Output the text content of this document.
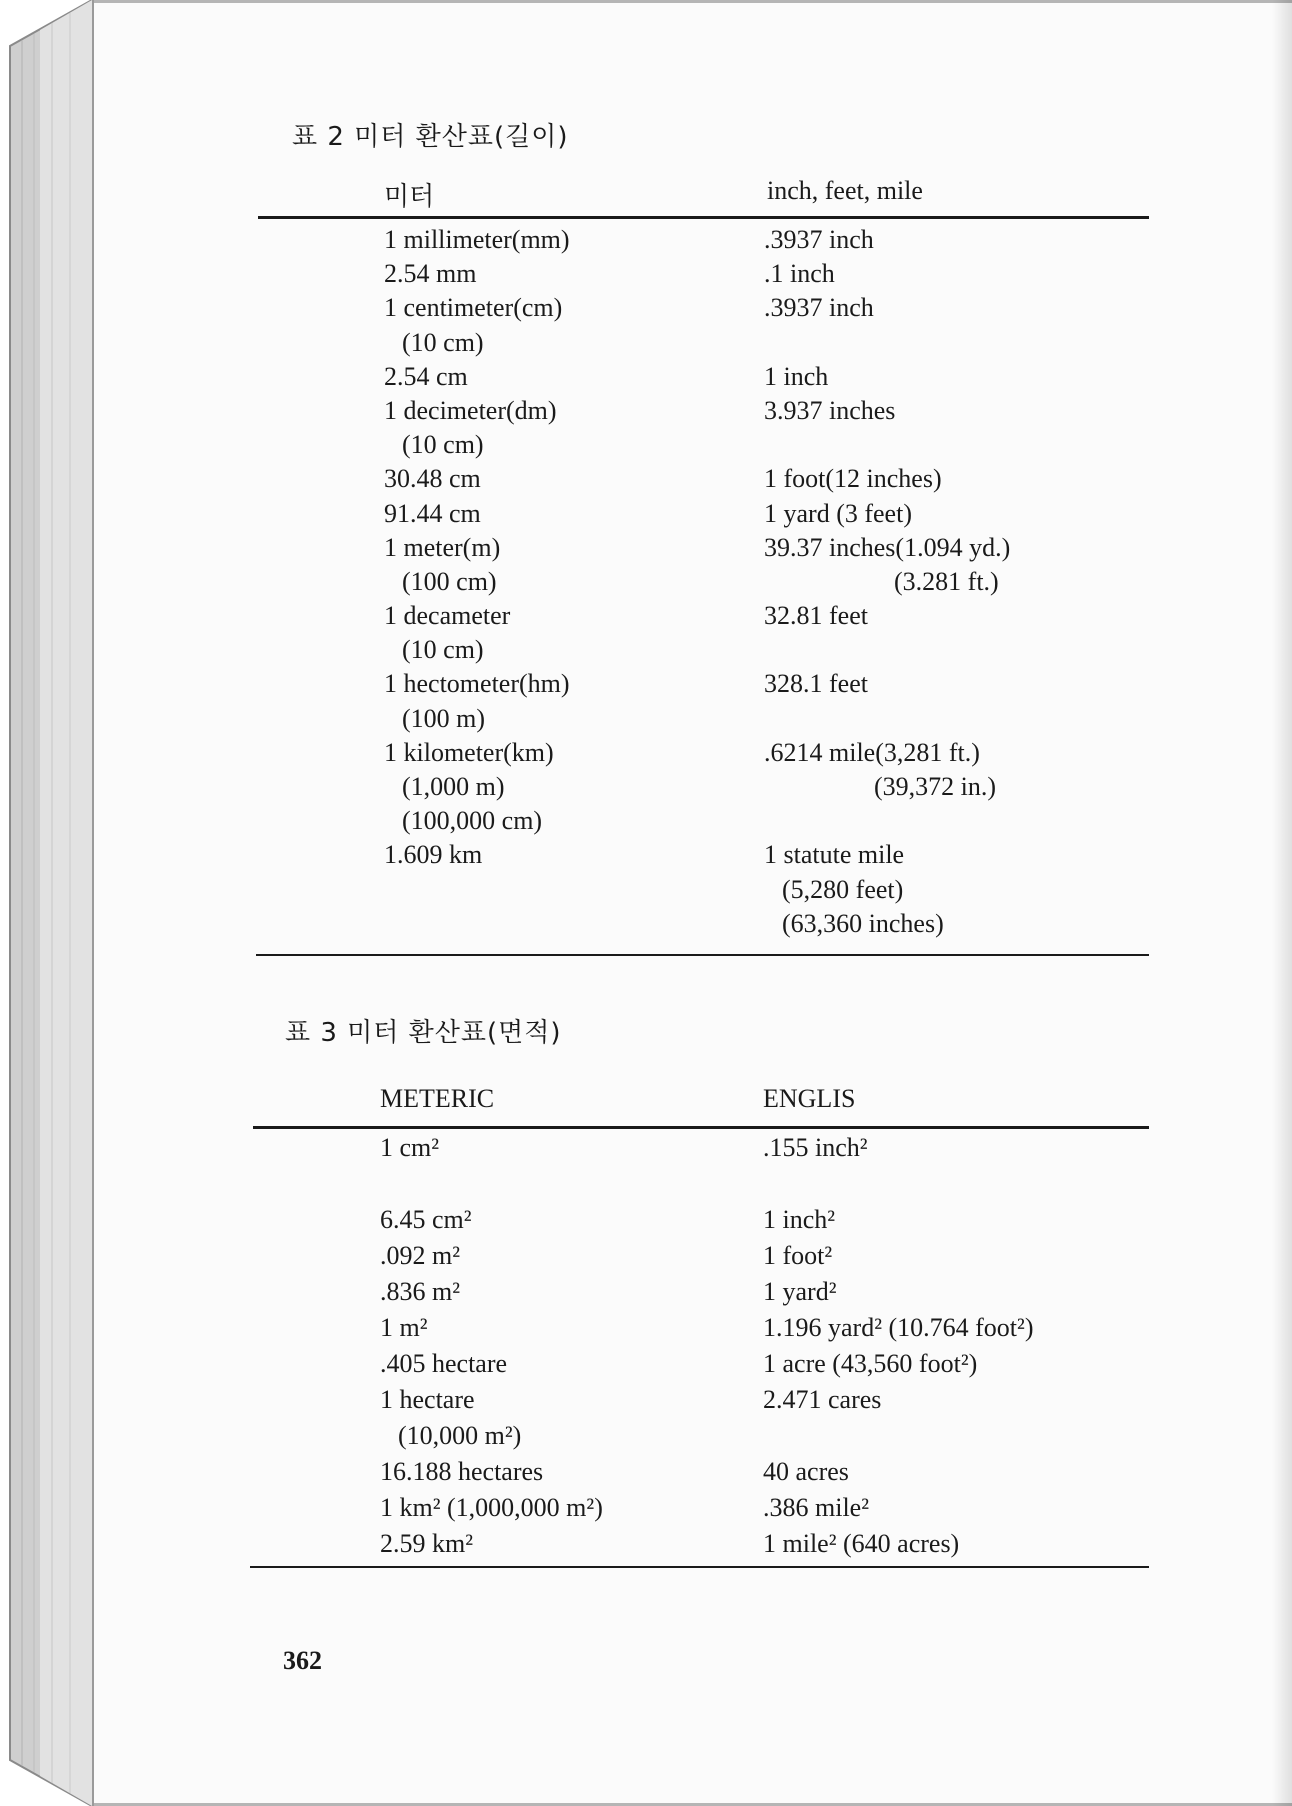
표 2 미터 환산표(길이)
미터	inch, feet, mile
1 millimeter(mm)
2.54 mm
1 centimeter(cm)
(10 cm)
2.54 cm
1 decimeter(dm)
(10 cm)
30.48 cm
91.44 cm
1 meter(m)
(100 cm)
1 decameter
(10 cm)
1 hectometer(hm)
(100 m)
1 kilometer(km)
(1,000 m)
(100,000 cm)
1.609 km
.3937 inch
.1 inch
.3937 inch
1 inch
3.937 inches
1 foot(12 inches)
1 yard (3 feet)
39.37 inches(1.094 yd.)
(3.281 ft.)
32.81 feet
328.1 feet
.6214 mile(3,281 ft.)
(39,372 in.)
1 statute mile
(5,280 feet)
(63,360 inches)
표 3 미터 환산표(면적)
METERIC	ENGLIS
1 cm²
6.45 cm²
.092 m²
.836 m²
1 m²
.405 hectare
1 hectare
(10,000 m²)
16.188 hectares
1 km² (1,000,000 m²)
2.59 km²
.155 inch²
1 inch²
1 foot²
1 yard²
1.196 yard² (10.764 foot²)
1 acre (43,560 foot²)
2.471 cares
40 acres
.386 mile²
1 mile² (640 acres)
362
